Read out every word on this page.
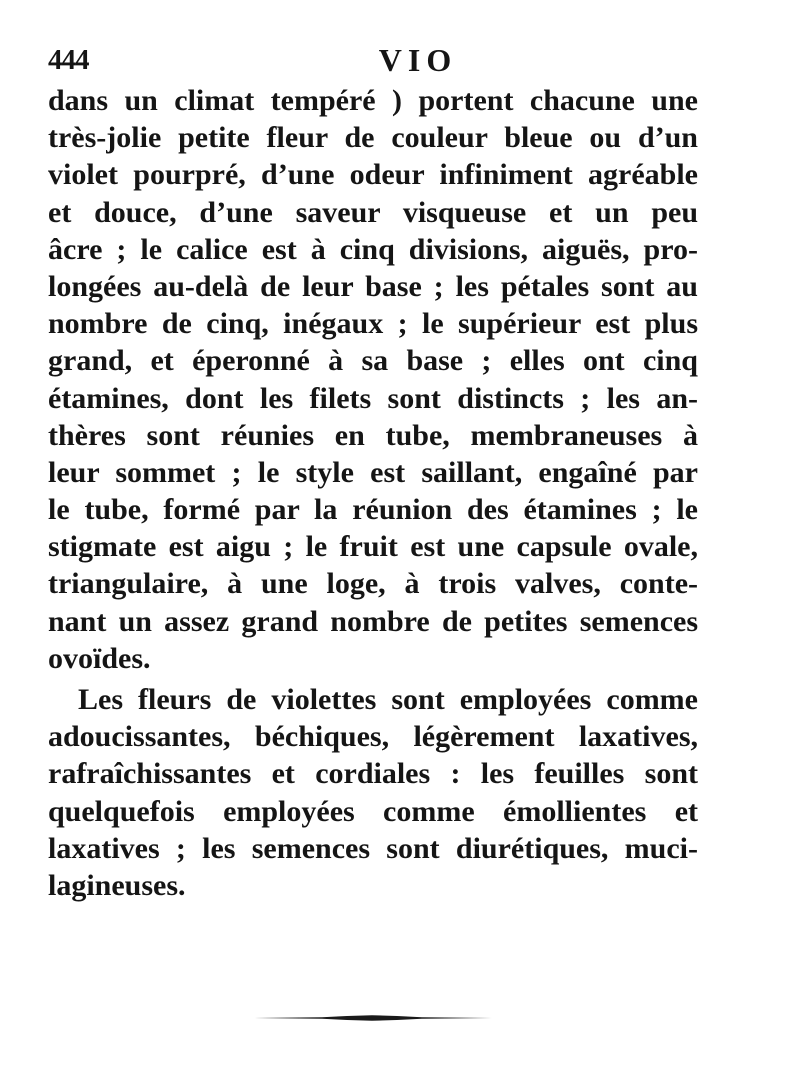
444	VIO
dans un climat tempéré ) portent chacune une
très-jolie petite fleur de couleur bleue ou d’un
violet pourpré, d’une odeur infiniment agréable
et douce, d’une saveur visqueuse et un peu
âcre ; le calice est à cinq divisions, aiguës, pro-
longées au-delà de leur base ; les pétales sont au
nombre de cinq, inégaux ; le supérieur est plus
grand, et éperonné à sa base ; elles ont cinq
étamines, dont les filets sont distincts ; les an-
thères sont réunies en tube, membraneuses à
leur sommet ; le style est saillant, engaîné par
le tube, formé par la réunion des étamines ; le
stigmate est aigu ; le fruit est une capsule ovale,
triangulaire, à une loge, à trois valves, conte-
nant un assez grand nombre de petites semences
ovoïdes.
Les fleurs de violettes sont employées comme
adoucissantes, béchiques, légèrement laxatives,
rafraîchissantes et cordiales : les feuilles sont
quelquefois employées comme émollientes et
laxatives ; les semences sont diurétiques, muci-
lagineuses.
